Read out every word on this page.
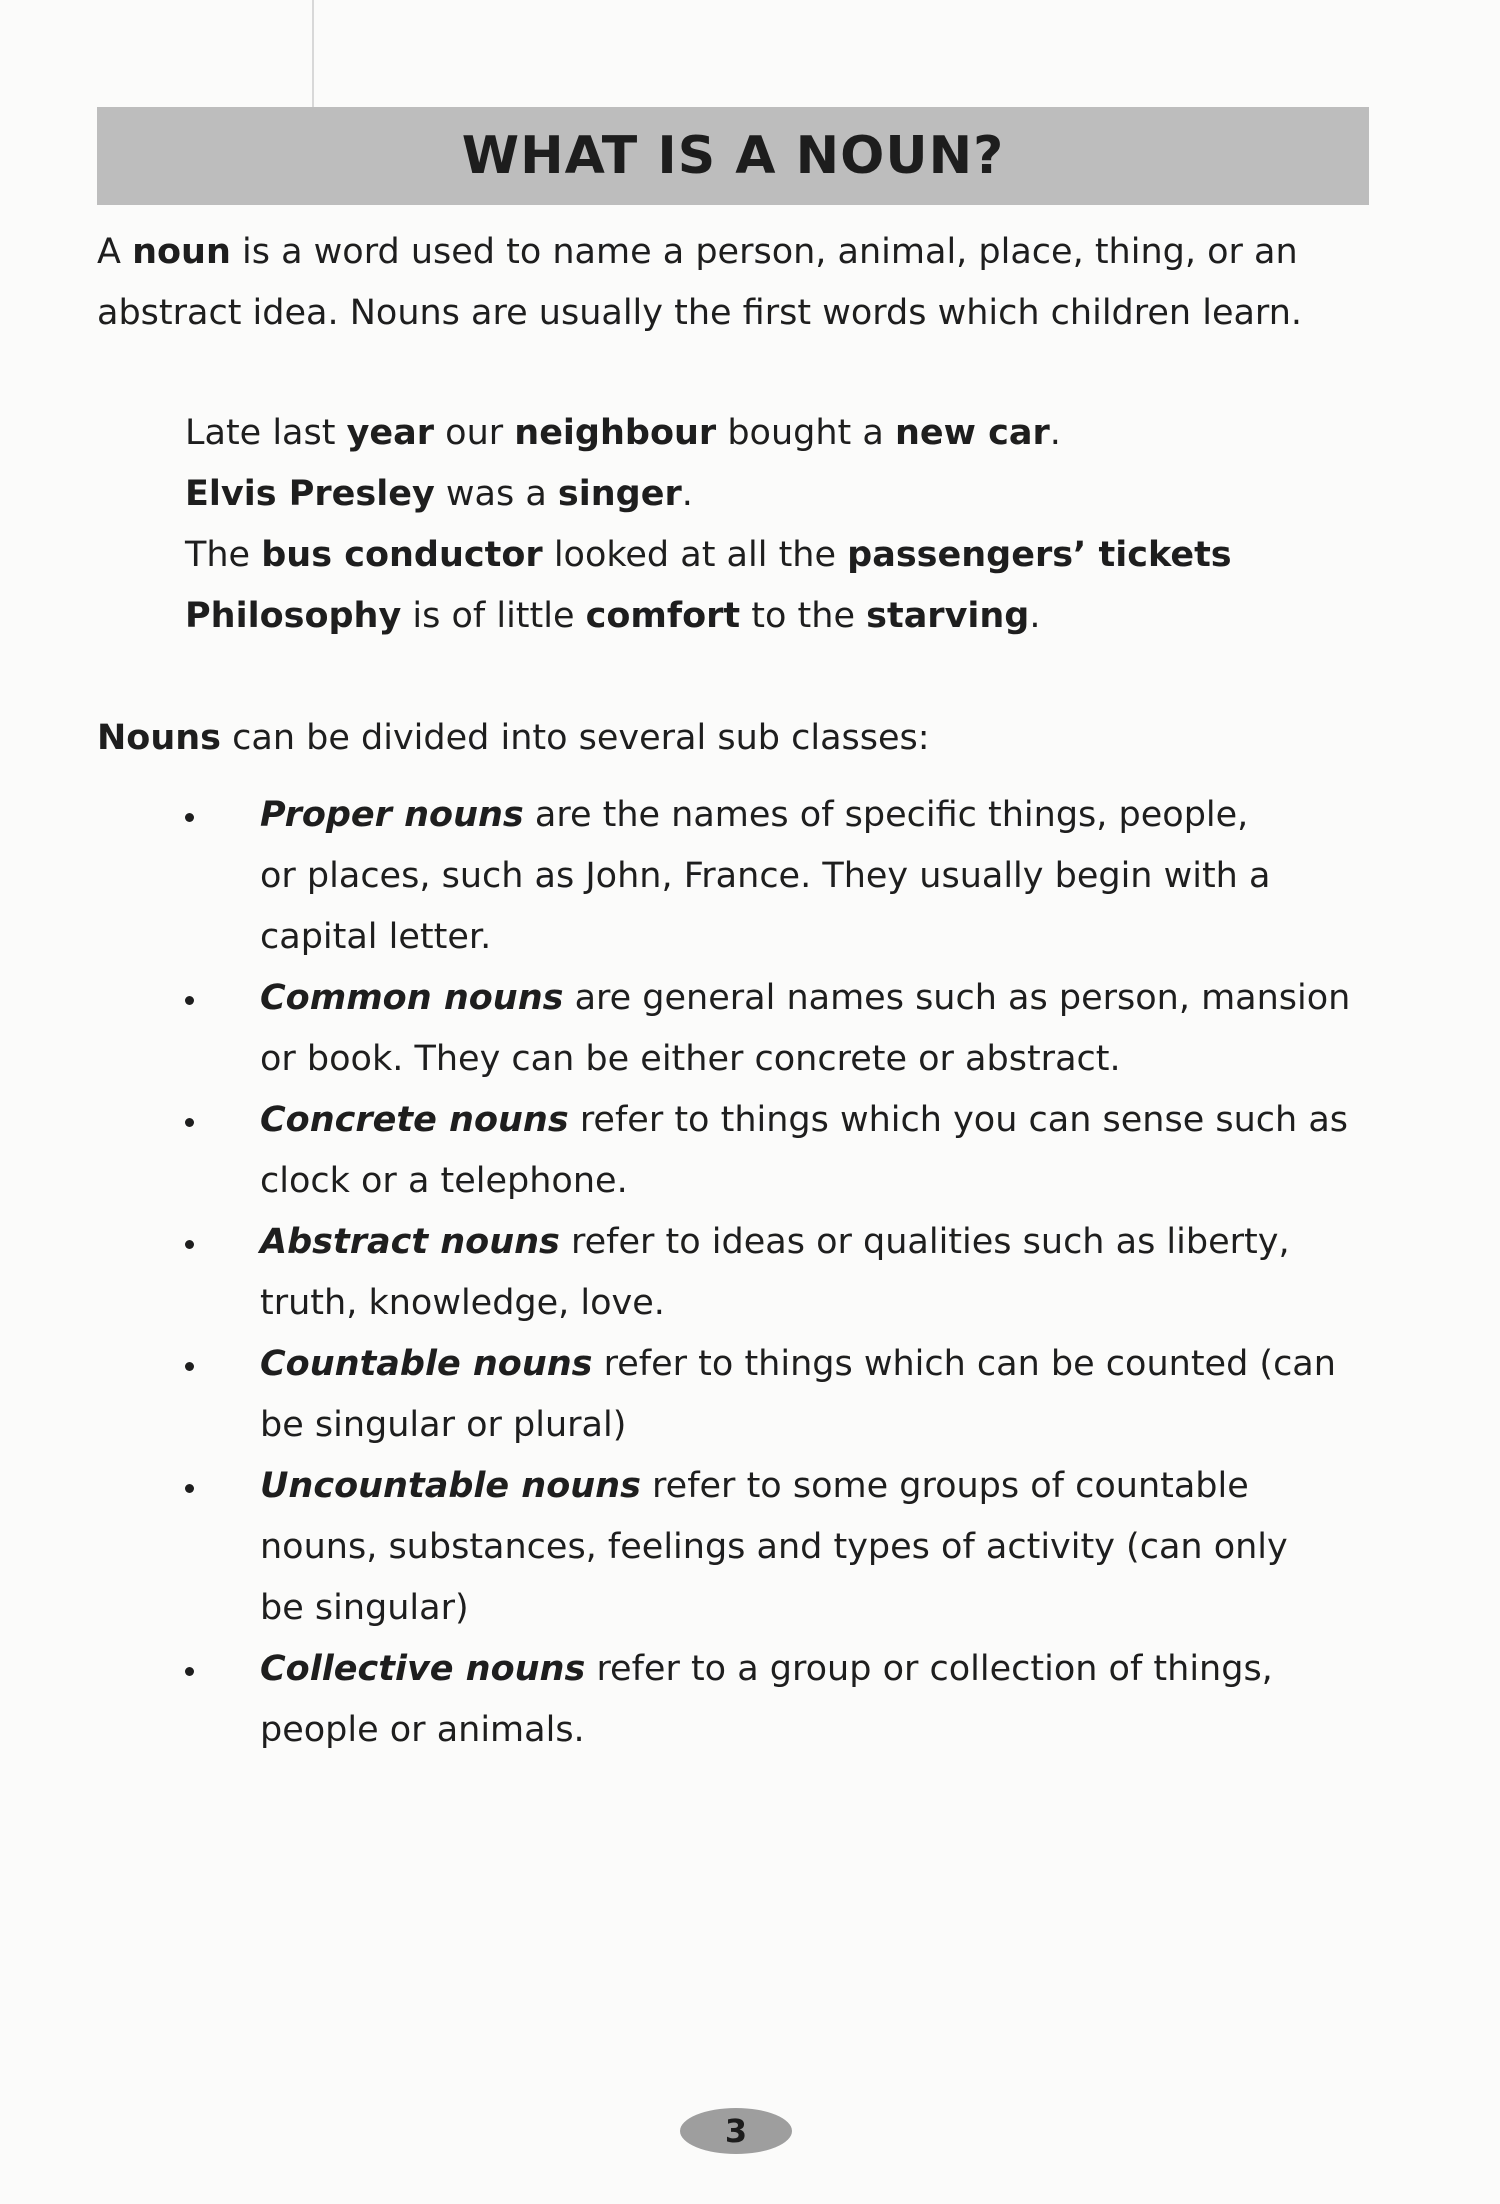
WHAT IS A NOUN?
A noun is a word used to name a person, animal, place, thing, or an
abstract idea. Nouns are usually the first words which children learn.
Late last year our neighbour bought a new car.
Elvis Presley was a singer.
The bus conductor looked at all the passengers’ tickets
Philosophy is of little comfort to the starving.
Nouns can be divided into several sub classes:
Proper nouns are the names of specific things, people,
or places, such as John, France. They usually begin with a
capital letter.
Common nouns are general names such as person, mansion
or book. They can be either concrete or abstract.
Concrete nouns refer to things which you can sense such as
clock or a telephone.
Abstract nouns refer to ideas or qualities such as liberty,
truth, knowledge, love.
Countable nouns refer to things which can be counted (can
be singular or plural)
Uncountable nouns refer to some groups of countable
nouns, substances, feelings and types of activity (can only
be singular)
Collective nouns refer to a group or collection of things,
people or animals.
3
